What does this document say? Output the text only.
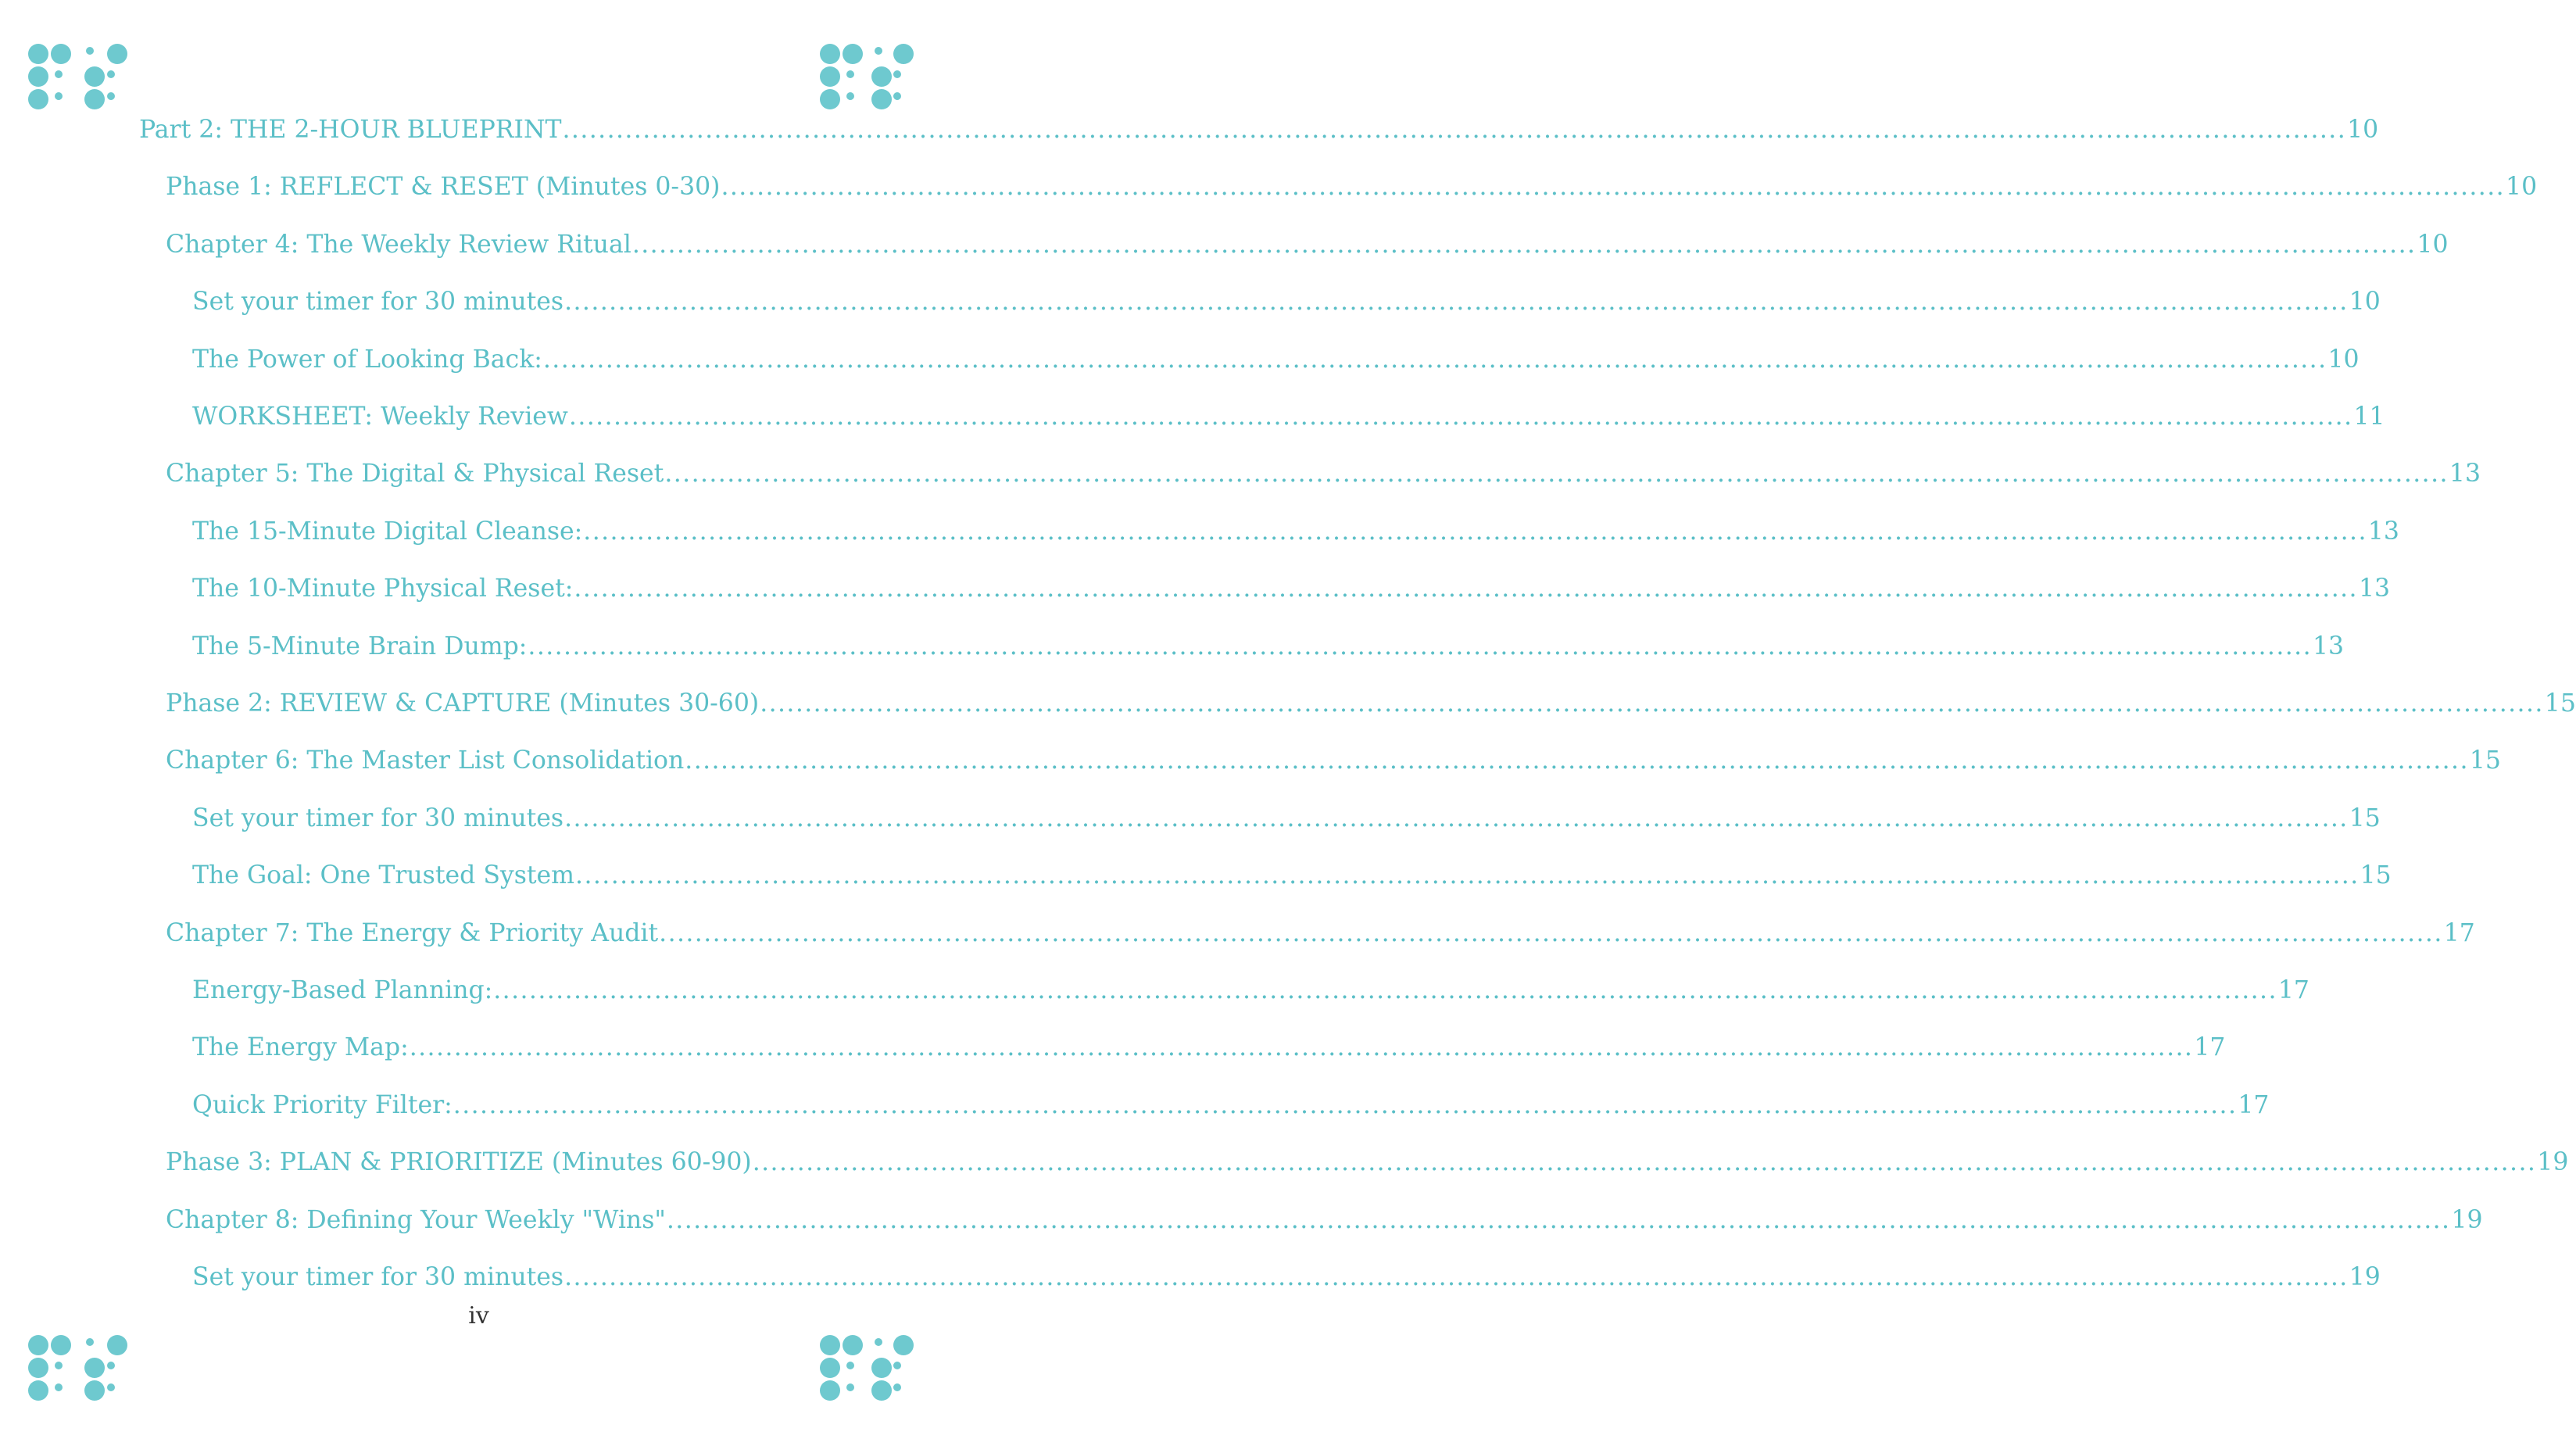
Part 2: THE 2-HOUR BLUEPRINT ........................................................................................................................................................................................................ 10
Phase 1: REFLECT & RESET (Minutes 0-30) ........................................................................................................................................................................................................ 10
Chapter 4: The Weekly Review Ritual ........................................................................................................................................................................................................ 10
Set your timer for 30 minutes ........................................................................................................................................................................................................ 10
The Power of Looking Back: ........................................................................................................................................................................................................ 10
WORKSHEET: Weekly Review ........................................................................................................................................................................................................ 11
Chapter 5: The Digital & Physical Reset ........................................................................................................................................................................................................ 13
The 15-Minute Digital Cleanse: ........................................................................................................................................................................................................ 13
The 10-Minute Physical Reset: ........................................................................................................................................................................................................ 13
The 5-Minute Brain Dump: ........................................................................................................................................................................................................ 13
Phase 2: REVIEW & CAPTURE (Minutes 30-60) ........................................................................................................................................................................................................ 15
Chapter 6: The Master List Consolidation ........................................................................................................................................................................................................ 15
Set your timer for 30 minutes ........................................................................................................................................................................................................ 15
The Goal: One Trusted System ........................................................................................................................................................................................................ 15
Chapter 7: The Energy & Priority Audit ........................................................................................................................................................................................................ 17
Energy-Based Planning: ........................................................................................................................................................................................................ 17
The Energy Map: ........................................................................................................................................................................................................ 17
Quick Priority Filter: ........................................................................................................................................................................................................ 17
Phase 3: PLAN & PRIORITIZE (Minutes 60-90) ........................................................................................................................................................................................................ 19
Chapter 8: Defining Your Weekly "Wins" ........................................................................................................................................................................................................ 19
Set your timer for 30 minutes ........................................................................................................................................................................................................ 19
iv
